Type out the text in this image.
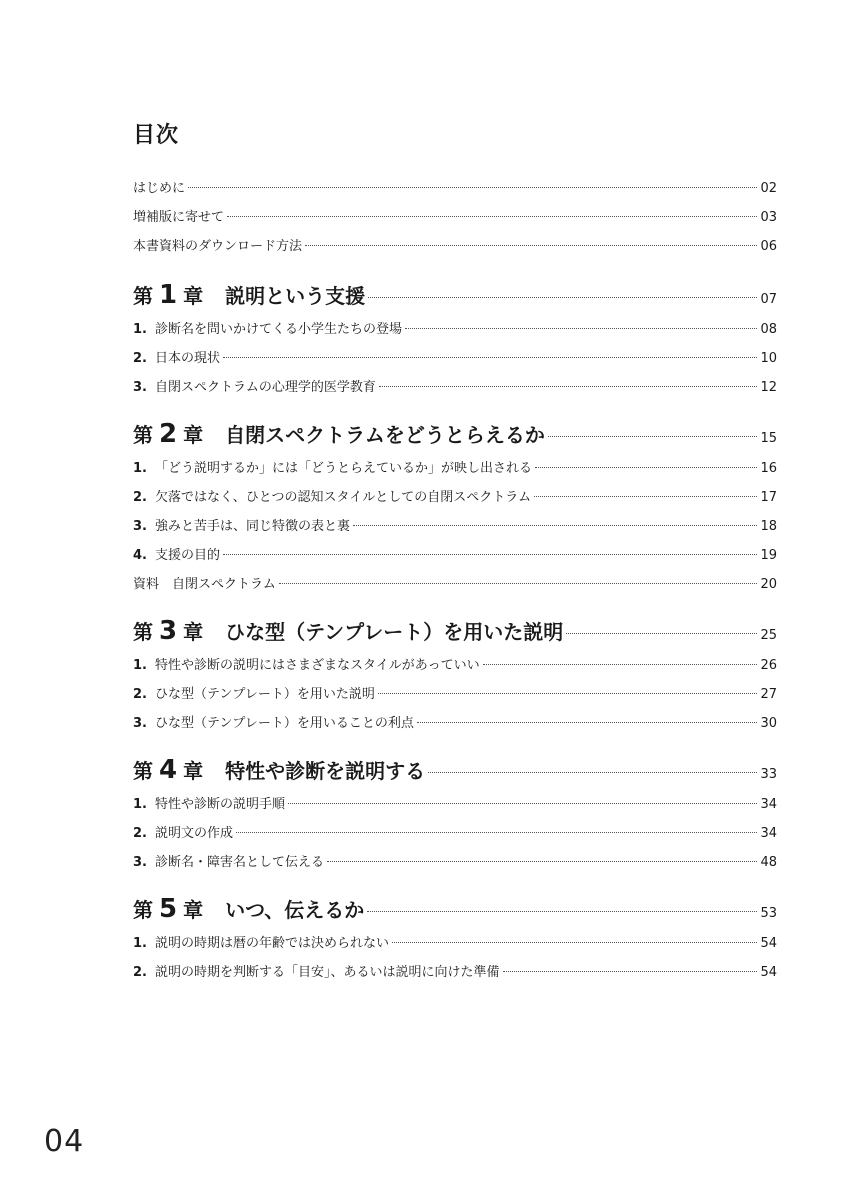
目次
はじめに	02
増補版に寄せて	03
本書資料のダウンロード方法	06
第 1 章 説明という支援	07
1. 診断名を問いかけてくる小学生たちの登場	08
2. 日本の現状	10
3. 自閉スペクトラムの心理学的医学教育	12
第 2 章 自閉スペクトラムをどうとらえるか	15
1. 「どう説明するか」には「どうとらえているか」が映し出される	16
2. 欠落ではなく、ひとつの認知スタイルとしての自閉スペクトラム	17
3. 強みと苦手は、同じ特徴の表と裏	18
4. 支援の目的	19
資料　自閉スペクトラム	20
第 3 章 ひな型（テンプレート）を用いた説明	25
1. 特性や診断の説明にはさまざまなスタイルがあっていい	26
2. ひな型（テンプレート）を用いた説明	27
3. ひな型（テンプレート）を用いることの利点	30
第 4 章 特性や診断を説明する	33
1. 特性や診断の説明手順	34
2. 説明文の作成	34
3. 診断名・障害名として伝える	48
第 5 章 いつ、伝えるか	53
1. 説明の時期は暦の年齢では決められない	54
2. 説明の時期を判断する「目安」、あるいは説明に向けた準備	54
04
